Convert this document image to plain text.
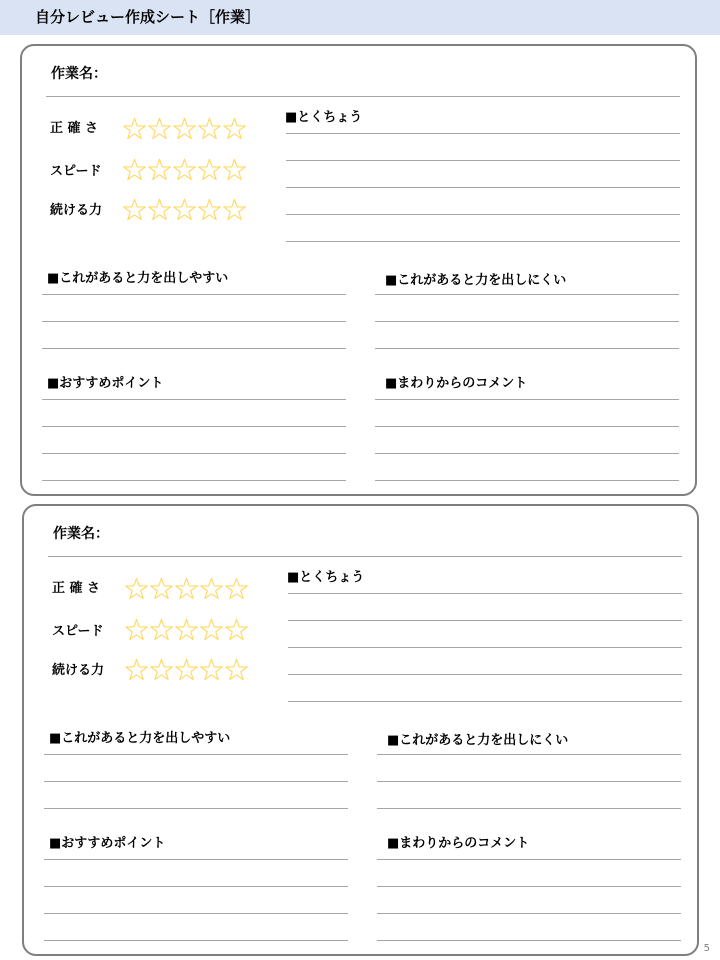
自分レビュー作成シート［作業］
作業名：
正 確 さ
スピード
続ける力
■とくちょう
■これがあると力を出しやすい	■これがあると力を出しにくい
■おすすめポイント	■まわりからのコメント
作業名：
正 確 さ
スピード
続ける力
■とくちょう
■これがあると力を出しやすい	■これがあると力を出しにくい
■おすすめポイント	■まわりからのコメント
5
